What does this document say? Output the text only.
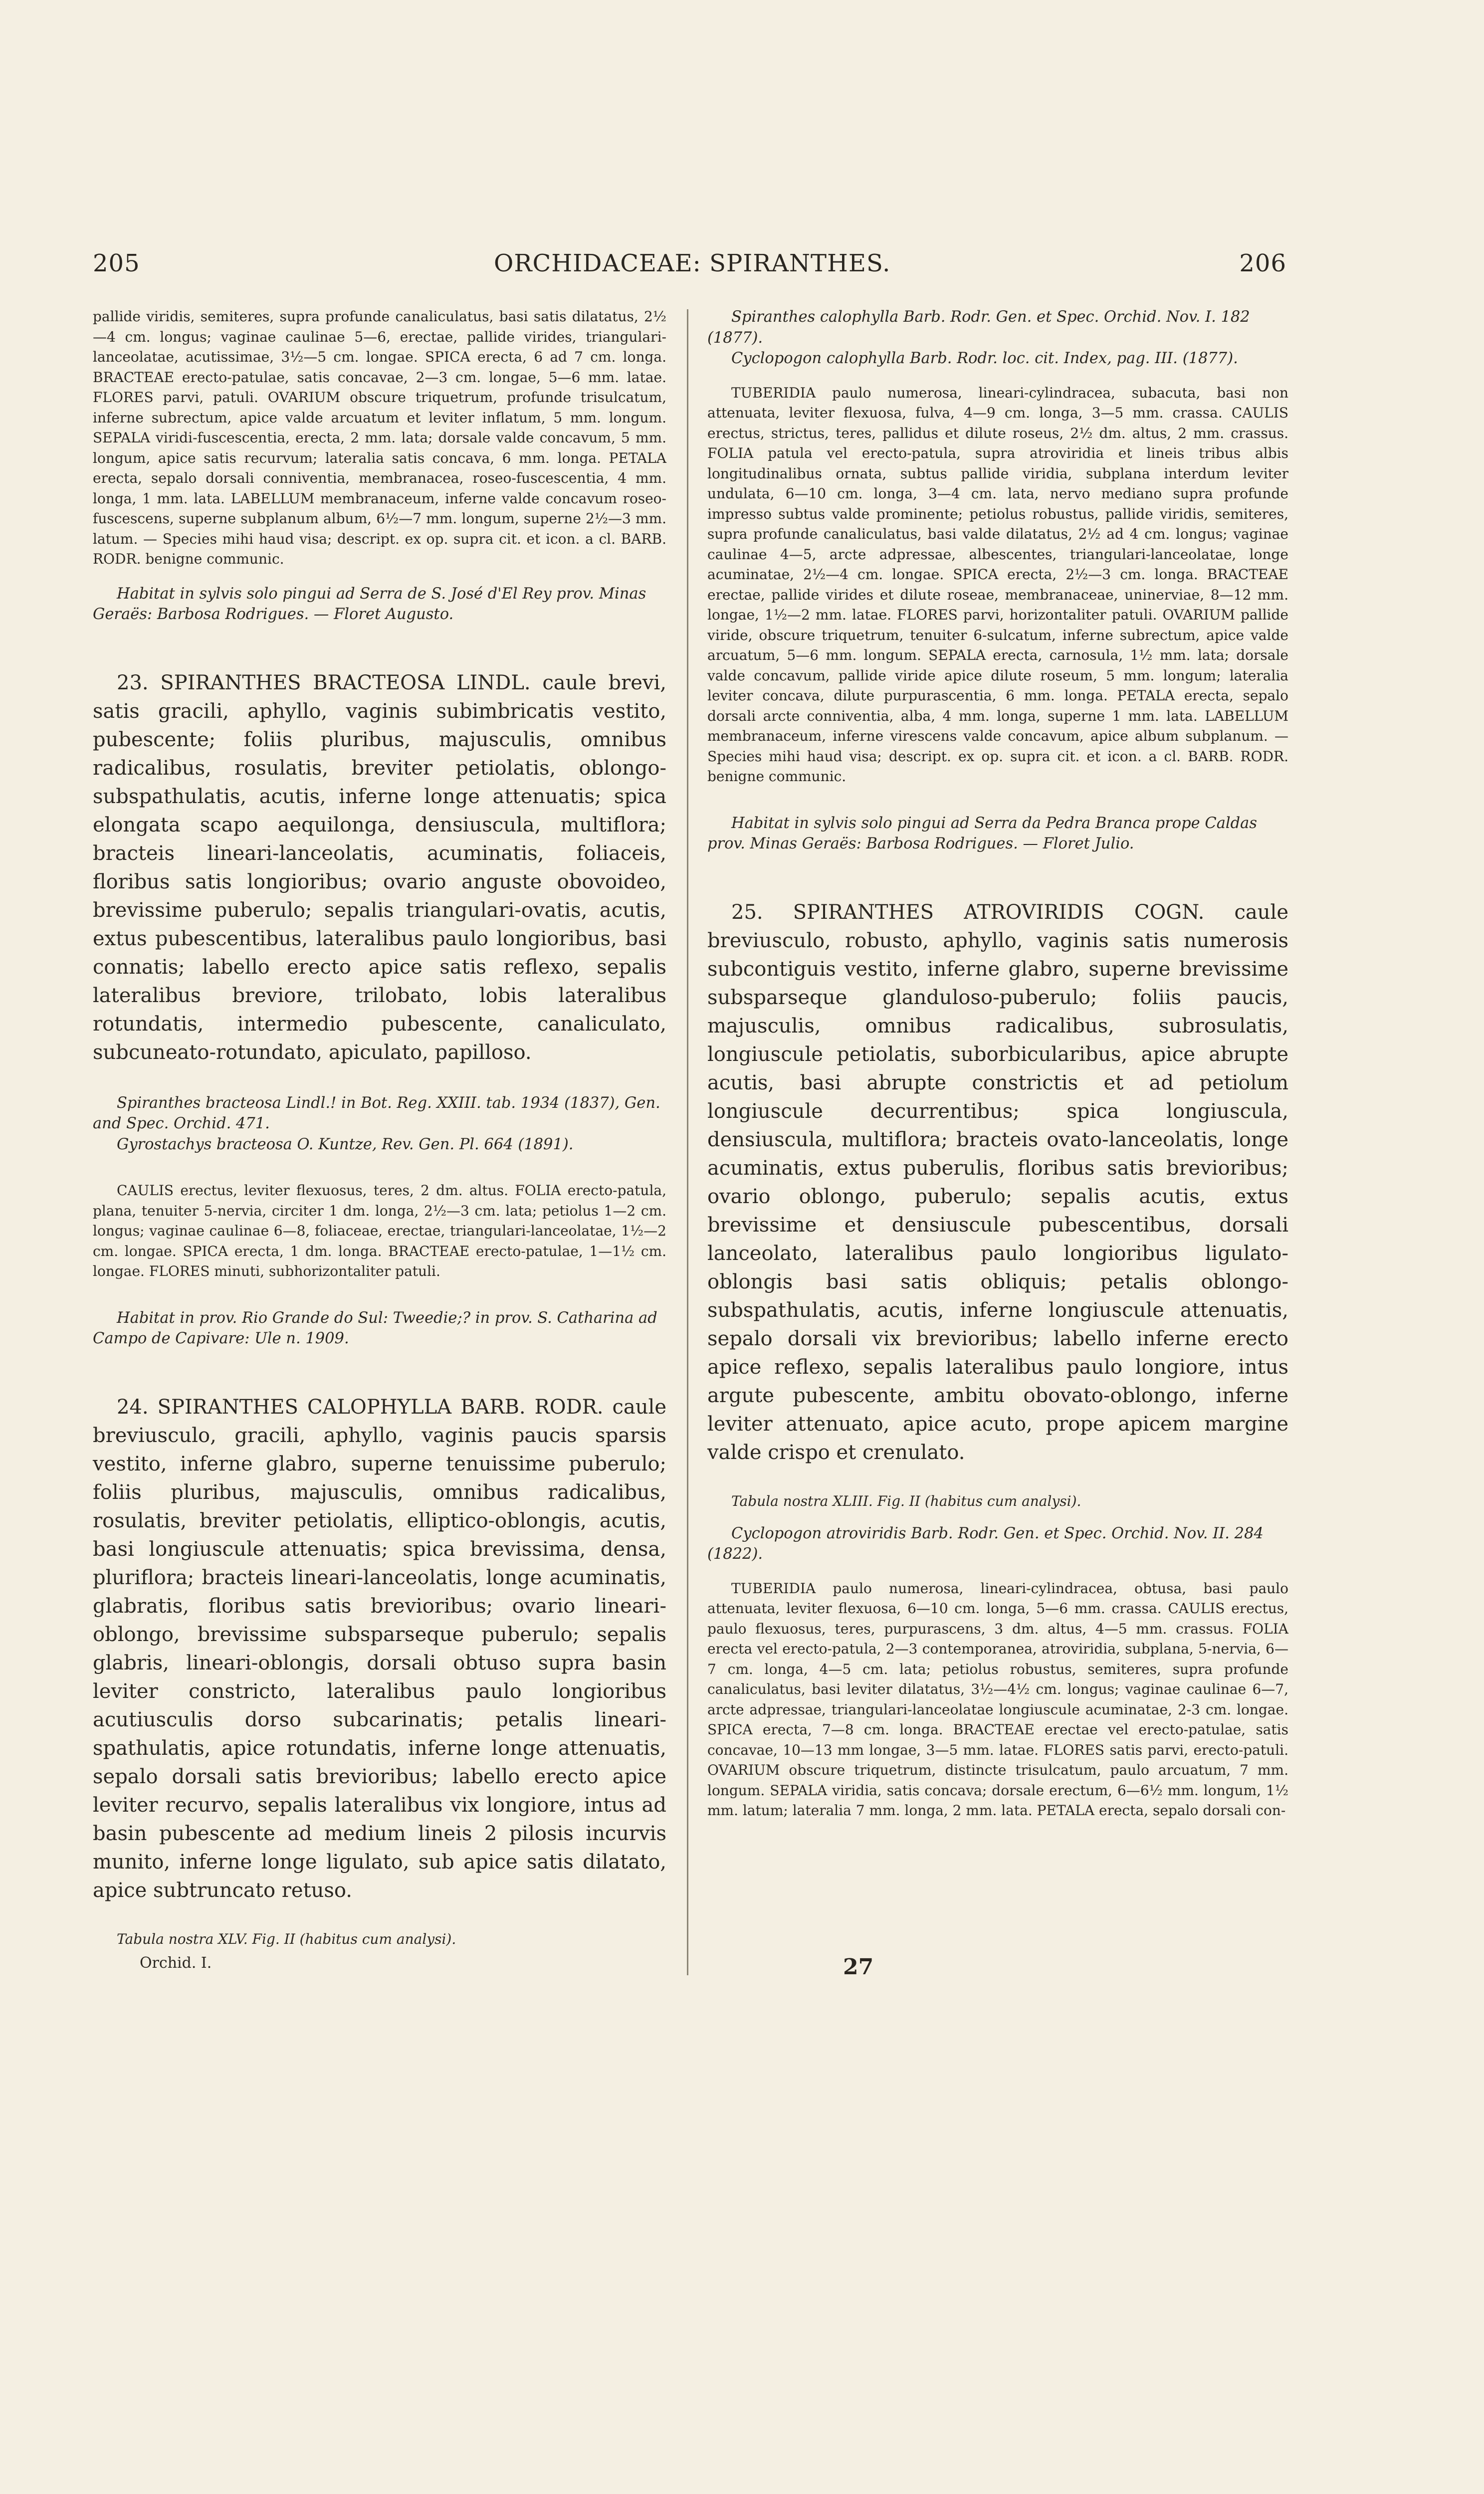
205	ORCHIDACEAE: SPIRANTHES.	206

pallide viridis, semiteres, supra profunde canaliculatus, basi satis dilatatus, 2½—4 cm. longus; vaginae caulinae 5—6, erectae, pallide virides, triangulari-lanceolatae, acutissimae, 3½—5 cm. longae. SPICA erecta, 6 ad 7 cm. longa. BRACTEAE erecto-patulae, satis concavae, 2—3 cm. longae, 5—6 mm. latae. FLORES parvi, patuli. OVARIUM obscure triquetrum, profunde trisulcatum, inferne subrectum, apice valde arcuatum et leviter inflatum, 5 mm. longum. SEPALA viridi-fuscescentia, erecta, 2 mm. lata; dorsale valde concavum, 5 mm. longum, apice satis recurvum; lateralia satis concava, 6 mm. longa. PETALA erecta, sepalo dorsali conniventia, membranacea, roseo-fuscescentia, 4 mm. longa, 1 mm. lata. LABELLUM membranaceum, inferne valde concavum roseo-fuscescens, superne subplanum album, 6½—7 mm. longum, superne 2½—3 mm. latum. — Species mihi haud visa; descript. ex op. supra cit. et icon. a cl. BARB. RODR. benigne communic.

Habitat in sylvis solo pingui ad Serra de S. José d'El Rey prov. Minas Geraës: Barbosa Rodrigues. — Floret Augusto.

23. SPIRANTHES BRACTEOSA LINDL. caule brevi, satis gracili, aphyllo, vaginis subimbricatis vestito, pubescente; foliis pluribus, majusculis, omnibus radicalibus, rosulatis, breviter petiolatis, oblongo-subspathulatis, acutis, inferne longe attenuatis; spica elongata scapo aequilonga, densiuscula, multiflora; bracteis lineari-lanceolatis, acuminatis, foliaceis, floribus satis longioribus; ovario anguste obovoideo, brevissime puberulo; sepalis triangulari-ovatis, acutis, extus pubescentibus, lateralibus paulo longioribus, basi connatis; labello erecto apice satis reflexo, sepalis lateralibus breviore, trilobato, lobis lateralibus rotundatis, intermedio pubescente, canaliculato, subcuneato-rotundato, apiculato, papilloso.

Spiranthes bracteosa Lindl.! in Bot. Reg. XXIII. tab. 1934 (1837), Gen. and Spec. Orchid. 471.

Gyrostachys bracteosa O. Kuntze, Rev. Gen. Pl. 664 (1891).

CAULIS erectus, leviter flexuosus, teres, 2 dm. altus. FOLIA erecto-patula, plana, tenuiter 5-nervia, circiter 1 dm. longa, 2½—3 cm. lata; petiolus 1—2 cm. longus; vaginae caulinae 6—8, foliaceae, erectae, triangulari-lanceolatae, 1½—2 cm. longae. SPICA erecta, 1 dm. longa. BRACTEAE erecto-patulae, 1—1½ cm. longae. FLORES minuti, subhorizontaliter patuli.

Habitat in prov. Rio Grande do Sul: Tweedie;? in prov. S. Catharina ad Campo de Capivare: Ule n. 1909.

24. SPIRANTHES CALOPHYLLA BARB. RODR. caule breviusculo, gracili, aphyllo, vaginis paucis sparsis vestito, inferne glabro, superne tenuissime puberulo; foliis pluribus, majusculis, omnibus radicalibus, rosulatis, breviter petiolatis, elliptico-oblongis, acutis, basi longiuscule attenuatis; spica brevissima, densa, pluriflora; bracteis lineari-lanceolatis, longe acuminatis, glabratis, floribus satis brevioribus; ovario lineari-oblongo, brevissime subsparseque puberulo; sepalis glabris, lineari-oblongis, dorsali obtuso supra basin leviter constricto, lateralibus paulo longioribus acutiusculis dorso subcarinatis; petalis lineari-spathulatis, apice rotundatis, inferne longe attenuatis, sepalo dorsali satis brevioribus; labello erecto apice leviter recurvo, sepalis lateralibus vix longiore, intus ad basin pubescente ad medium lineis 2 pilosis incurvis munito, inferne longe ligulato, sub apice satis dilatato, apice subtruncato retuso.

Tabula nostra XLV. Fig. II (habitus cum analysi).

Spiranthes calophylla Barb. Rodr. Gen. et Spec. Orchid. Nov. I. 182 (1877).

Cyclopogon calophylla Barb. Rodr. loc. cit. Index, pag. III. (1877).

TUBERIDIA paulo numerosa, lineari-cylindracea, subacuta, basi non attenuata, leviter flexuosa, fulva, 4—9 cm. longa, 3—5 mm. crassa. CAULIS erectus, strictus, teres, pallidus et dilute roseus, 2½ dm. altus, 2 mm. crassus. FOLIA patula vel erecto-patula, supra atroviridia et lineis tribus albis longitudinalibus ornata, subtus pallide viridia, subplana interdum leviter undulata, 6—10 cm. longa, 3—4 cm. lata, nervo mediano supra profunde impresso subtus valde prominente; petiolus robustus, pallide viridis, semiteres, supra profunde canaliculatus, basi valde dilatatus, 2½ ad 4 cm. longus; vaginae caulinae 4—5, arcte adpressae, albescentes, triangulari-lanceolatae, longe acuminatae, 2½—4 cm. longae. SPICA erecta, 2½—3 cm. longa. BRACTEAE erectae, pallide virides et dilute roseae, membranaceae, uninerviae, 8—12 mm. longae, 1½—2 mm. latae. FLORES parvi, horizontaliter patuli. OVARIUM pallide viride, obscure triquetrum, tenuiter 6-sulcatum, inferne subrectum, apice valde arcuatum, 5—6 mm. longum. SEPALA erecta, carnosula, 1½ mm. lata; dorsale valde concavum, pallide viride apice dilute roseum, 5 mm. longum; lateralia leviter concava, dilute purpurascentia, 6 mm. longa. PETALA erecta, sepalo dorsali arcte conniventia, alba, 4 mm. longa, superne 1 mm. lata. LABELLUM membranaceum, inferne virescens valde concavum, apice album subplanum. — Species mihi haud visa; descript. ex op. supra cit. et icon. a cl. BARB. RODR. benigne communic.

Habitat in sylvis solo pingui ad Serra da Pedra Branca prope Caldas prov. Minas Geraës: Barbosa Rodrigues. — Floret Julio.

25. SPIRANTHES ATROVIRIDIS COGN. caule breviusculo, robusto, aphyllo, vaginis satis numerosis subcontiguis vestito, inferne glabro, superne brevissime subsparseque glanduloso-puberulo; foliis paucis, majusculis, omnibus radicalibus, subrosulatis, longiuscule petiolatis, suborbicularibus, apice abrupte acutis, basi abrupte constrictis et ad petiolum longiuscule decurrentibus; spica longiuscula, densiuscula, multiflora; bracteis ovato-lanceolatis, longe acuminatis, extus puberulis, floribus satis brevioribus; ovario oblongo, puberulo; sepalis acutis, extus brevissime et densiuscule pubescentibus, dorsali lanceolato, lateralibus paulo longioribus ligulato-oblongis basi satis obliquis; petalis oblongo-subspathulatis, acutis, inferne longiuscule attenuatis, sepalo dorsali vix brevioribus; labello inferne erecto apice reflexo, sepalis lateralibus paulo longiore, intus argute pubescente, ambitu obovato-oblongo, inferne leviter attenuato, apice acuto, prope apicem margine valde crispo et crenulato.

Tabula nostra XLIII. Fig. II (habitus cum analysi).

Cyclopogon atroviridis Barb. Rodr. Gen. et Spec. Orchid. Nov. II. 284 (1822).

TUBERIDIA paulo numerosa, lineari-cylindracea, obtusa, basi paulo attenuata, leviter flexuosa, 6—10 cm. longa, 5—6 mm. crassa. CAULIS erectus, paulo flexuosus, teres, purpurascens, 3 dm. altus, 4—5 mm. crassus. FOLIA erecta vel erecto-patula, 2—3 contemporanea, atroviridia, subplana, 5-nervia, 6—7 cm. longa, 4—5 cm. lata; petiolus robustus, semiteres, supra profunde canaliculatus, basi leviter dilatatus, 3½—4½ cm. longus; vaginae caulinae 6—7, arcte adpressae, triangulari-lanceolatae longiuscule acuminatae, 2-3 cm. longae. SPICA erecta, 7—8 cm. longa. BRACTEAE erectae vel erecto-patulae, satis concavae, 10—13 mm longae, 3—5 mm. latae. FLORES satis parvi, erecto-patuli. OVARIUM obscure triquetrum, distincte trisulcatum, paulo arcuatum, 7 mm. longum. SEPALA viridia, satis concava; dorsale erectum, 6—6½ mm. longum, 1½ mm. latum; lateralia 7 mm. longa, 2 mm. lata. PETALA erecta, sepalo dorsali con-

Orchid. I.	27
